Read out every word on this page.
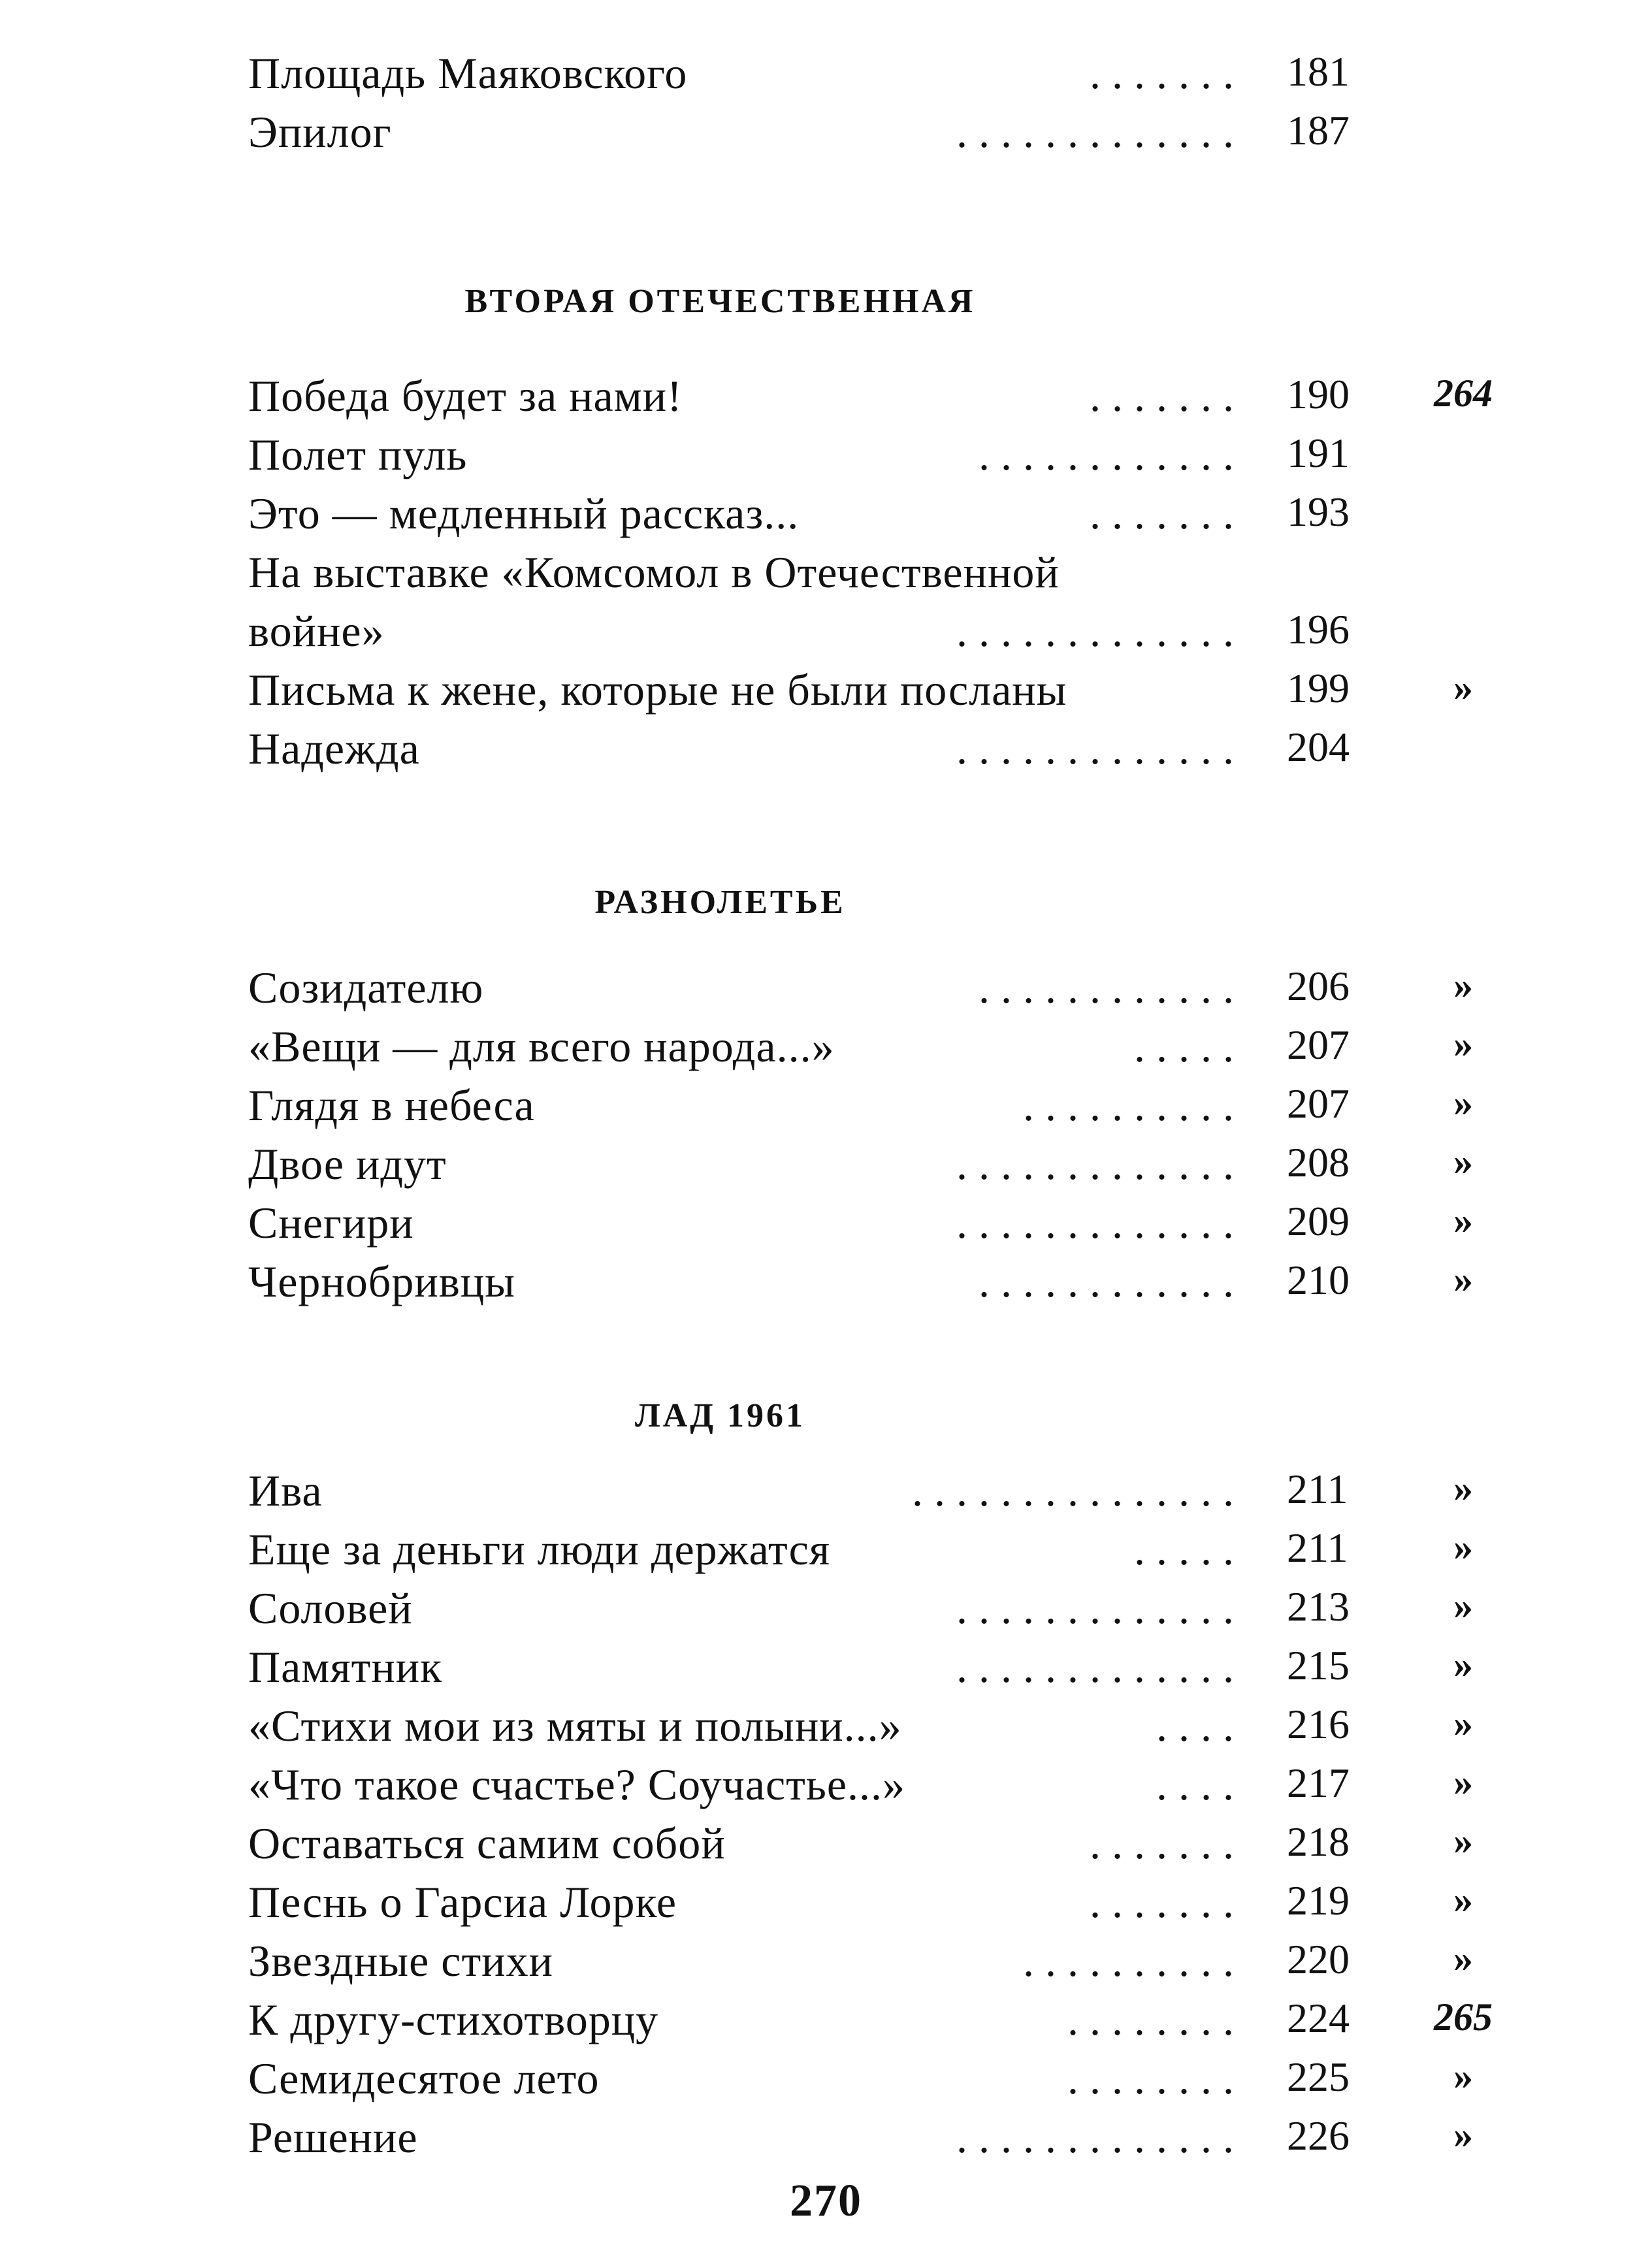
Площадь Маяковского	. . . . . . . 181
Эпилог	. . . . . . . . . . . . . 187
ВТОРАЯ ОТЕЧЕСТВЕННАЯ
Победа будет за нами!	. . . . . . . 190	264
Полет пуль	. . . . . . . . . . . . 191
Это — медленный рассказ...	. . . . . . . 193
На выставке «Комсомол в Отечественной
войне»	. . . . . . . . . . . . . 196
Письма к жене, которые не были посланы	199	»
Надежда	. . . . . . . . . . . . . 204
РАЗНОЛЕТЬЕ
Созидателю	. . . . . . . . . . . . 206	»
«Вещи — для всего народа...»	. . . . . 207	»
Глядя в небеса	. . . . . . . . . . 207	»
Двое идут	. . . . . . . . . . . . . 208	»
Снегири	. . . . . . . . . . . . . 209	»
Чернобривцы	. . . . . . . . . . . . 210	»
ЛАД 1961
Ива	. . . . . . . . . . . . . . . 211	»
Еще за деньги люди держатся	. . . . . 211	»
Соловей	. . . . . . . . . . . . . 213	»
Памятник	. . . . . . . . . . . . . 215	»
«Стихи мои из мяты и полыни...»	. . . . 216	»
«Что такое счастье? Соучастье...»	. . . . 217	»
Оставаться самим собой	. . . . . . . 218	»
Песнь о Гарсиа Лорке	. . . . . . . 219	»
Звездные стихи	. . . . . . . . . . 220	»
К другу-стихотворцу	. . . . . . . . 224	265
Семидесятое лето	. . . . . . . . 225	»
Решение	. . . . . . . . . . . . . 226	»
270
